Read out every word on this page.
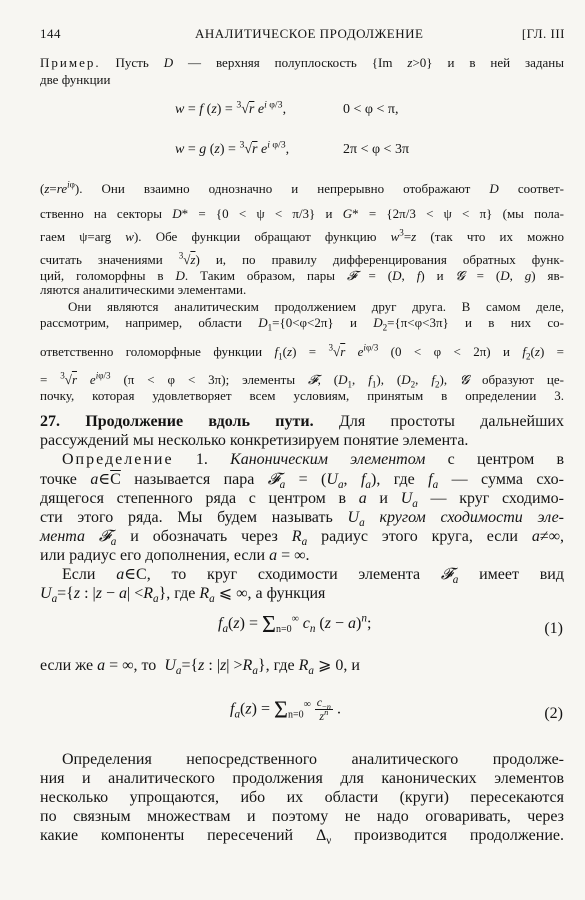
144	АНАЛИТИЧЕСКОЕ ПРОДОЛЖЕНИЕ	[ГЛ. III
Пример. Пусть D — верхняя полуплоскость {Im z>0} и в ней заданы
две функции
w = f (z) = $^3$√r $e^{i \varphi/3}$,	0 < φ < π,
w = g (z) = $^3$√r $e^{i \varphi/3}$,	2π < φ < 3π
$(z=re^{i\varphi})$. Они взаимно однозначно и непрерывно отображают D соответ-
ственно на секторы D* = {0 < ψ < π/3} и G* = {2π/3 < ψ < π} (мы пола-
гаем ψ=arg w). Обе функции обращают функцию $w^3=z$ (так что их можно
считать значениями $^3$√z) и, по правилу дифференцирования обратных функ-
ций, голоморфны в D. Таким образом, пары 𝓕 = (D, f) и 𝓖 = (D, g) яв-
ляются аналитическими элементами.
Они являются аналитическим продолжением друг друга. В самом деле,
рассмотрим, например, области $D_1=\{0<\varphi<2\pi\}$ и $D_2=\{\pi<\varphi<3\pi\}$ и в них со-
ответственно голоморфные функции $f_1(z) = ^3√r$ $e^{i\varphi/3}$ (0 < φ < 2π) и $f_2(z)$ =
= $^3$√r $e^{i\varphi/3}$ (π < φ < 3π); элементы 𝓕, ($D_1$, $f_1$), ($D_2$, $f_2$), 𝓖 образуют це-
почку, которая удовлетворяет всем условиям, принятым в определении 3.
27. Продолжение вдоль пути. Для простоты дальнейших
рассуждений мы несколько конкретизируем понятие элемента.
Определение 1. Каноническим элементом с центром в
точке $a\in\overline{C}$ называется пара 𝓕$_a$ = ($U_a$, $f_a$), где $f_a$ — сумма схо-
дящегося степенного ряда с центром в a и $U_a$ — круг сходимо-
сти этого ряда. Мы будем называть $U_a$ кругом сходимости эле-
мента 𝓕$_a$ и обозначать через $R_a$ радиус этого круга, если a≠∞,
или радиус его дополнения, если a = ∞.
Если a∈C, то круг сходимости элемента 𝓕$_a$ имеет вид
$U_a=\{z$ : $|z - a| <R_a$}, где $R_a$ ⩽ ∞, а функция
$f_a(z) = \Sigma_{n=0}^\infty$ $c_n$ $(z - a)^n$;	(1)
если же a = ∞, то  $U_a=\{z$ : $|z| >R_a$}, где $R_a$ ⩾ 0, и
$f_a(z) = \Sigma_{n=0}^\infty \frac{c_{-n}}{z^n}$ .	(2)
Определения непосредственного аналитического продолже-
ния и аналитического продолжения для канонических элементов
несколько упрощаются, ибо их области (круги) пересекаются
по связным множествам и поэтому не надо оговаривать, через
какие компоненты пересечений $\Delta_\nu$ производится продолжение.
